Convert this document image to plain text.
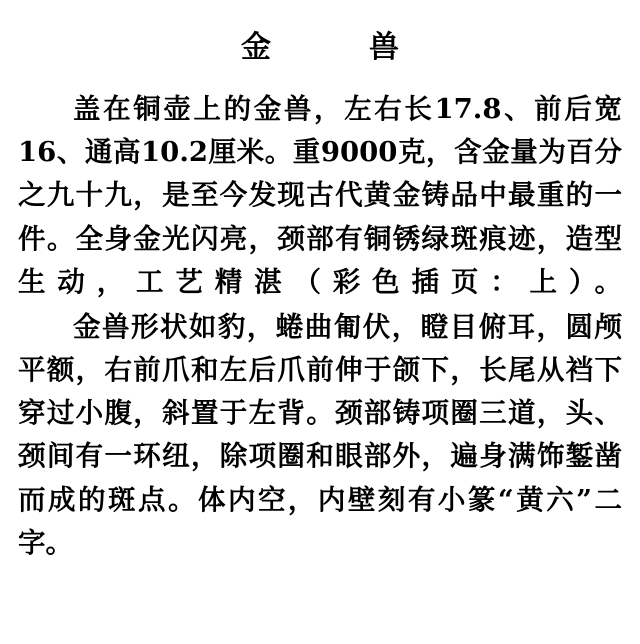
金　兽

盖在铜壶上的金兽，左右长17.8、前后宽16、通高10.2厘米。重9000克，含金量为百分之九十九，是至今发现古代黄金铸品中最重的一件。全身金光闪亮，颈部有铜锈绿斑痕迹，造型生动，工艺精湛（彩色插页：上）。

金兽形状如豹，蜷曲匍伏，瞪目俯耳，圆颅平额，右前爪和左后爪前伸于颌下，长尾从裆下穿过小腹，斜置于左背。颈部铸项圈三道，头、颈间有一环纽，除项圈和眼部外，遍身满饰錾凿而成的斑点。体内空，内壁刻有小篆“黄六”二字。
